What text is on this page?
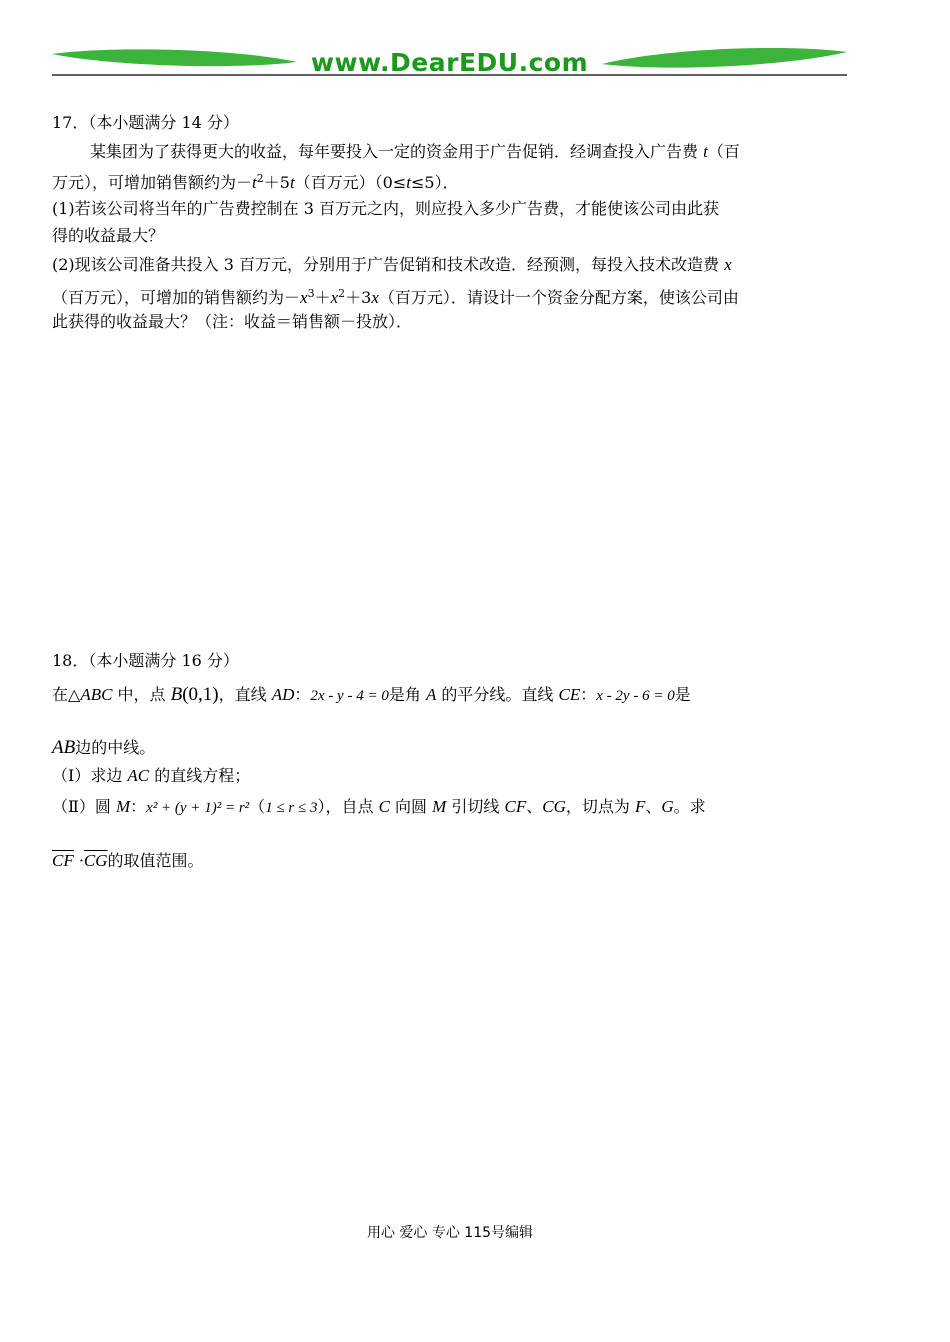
www.DearEDU.com
17．（本小题满分 14 分）
某集团为了获得更大的收益，每年要投入一定的资金用于广告促销．经调查投入广告费 t（百
万元），可增加销售额约为$-t^2+5t$（百万元）（0≤t≤5）．
(1)若该公司将当年的广告费控制在 3 百万元之内，则应投入多少广告费，才能使该公司由此获
得的收益最大？
(2)现该公司准备共投入 3 百万元，分别用于广告促销和技术改造．经预测，每投入技术改造费 x
（百万元），可增加的销售额约为$-x^3+x^2+3x$（百万元）．请设计一个资金分配方案，使该公司由
此获得的收益最大？（注：收益＝销售额－投放）．
18．（本小题满分 16 分）
在△ABC 中，点 B(0,1)，直线 AD：2x - y - 4 = 0是角 A 的平分线。直线 CE：x - 2y - 6 = 0是
AB边的中线。
（Ⅰ）求边 AC 的直线方程；
（Ⅱ）圆 M：x² + (y + 1)² = r²（1 ≤ r ≤ 3），自点 C 向圆 M 引切线 CF、CG，切点为 F、G。求
$\overline{CF} \cdot\overline{CG}$的取值范围。
用心 爱心 专心 115号编辑
